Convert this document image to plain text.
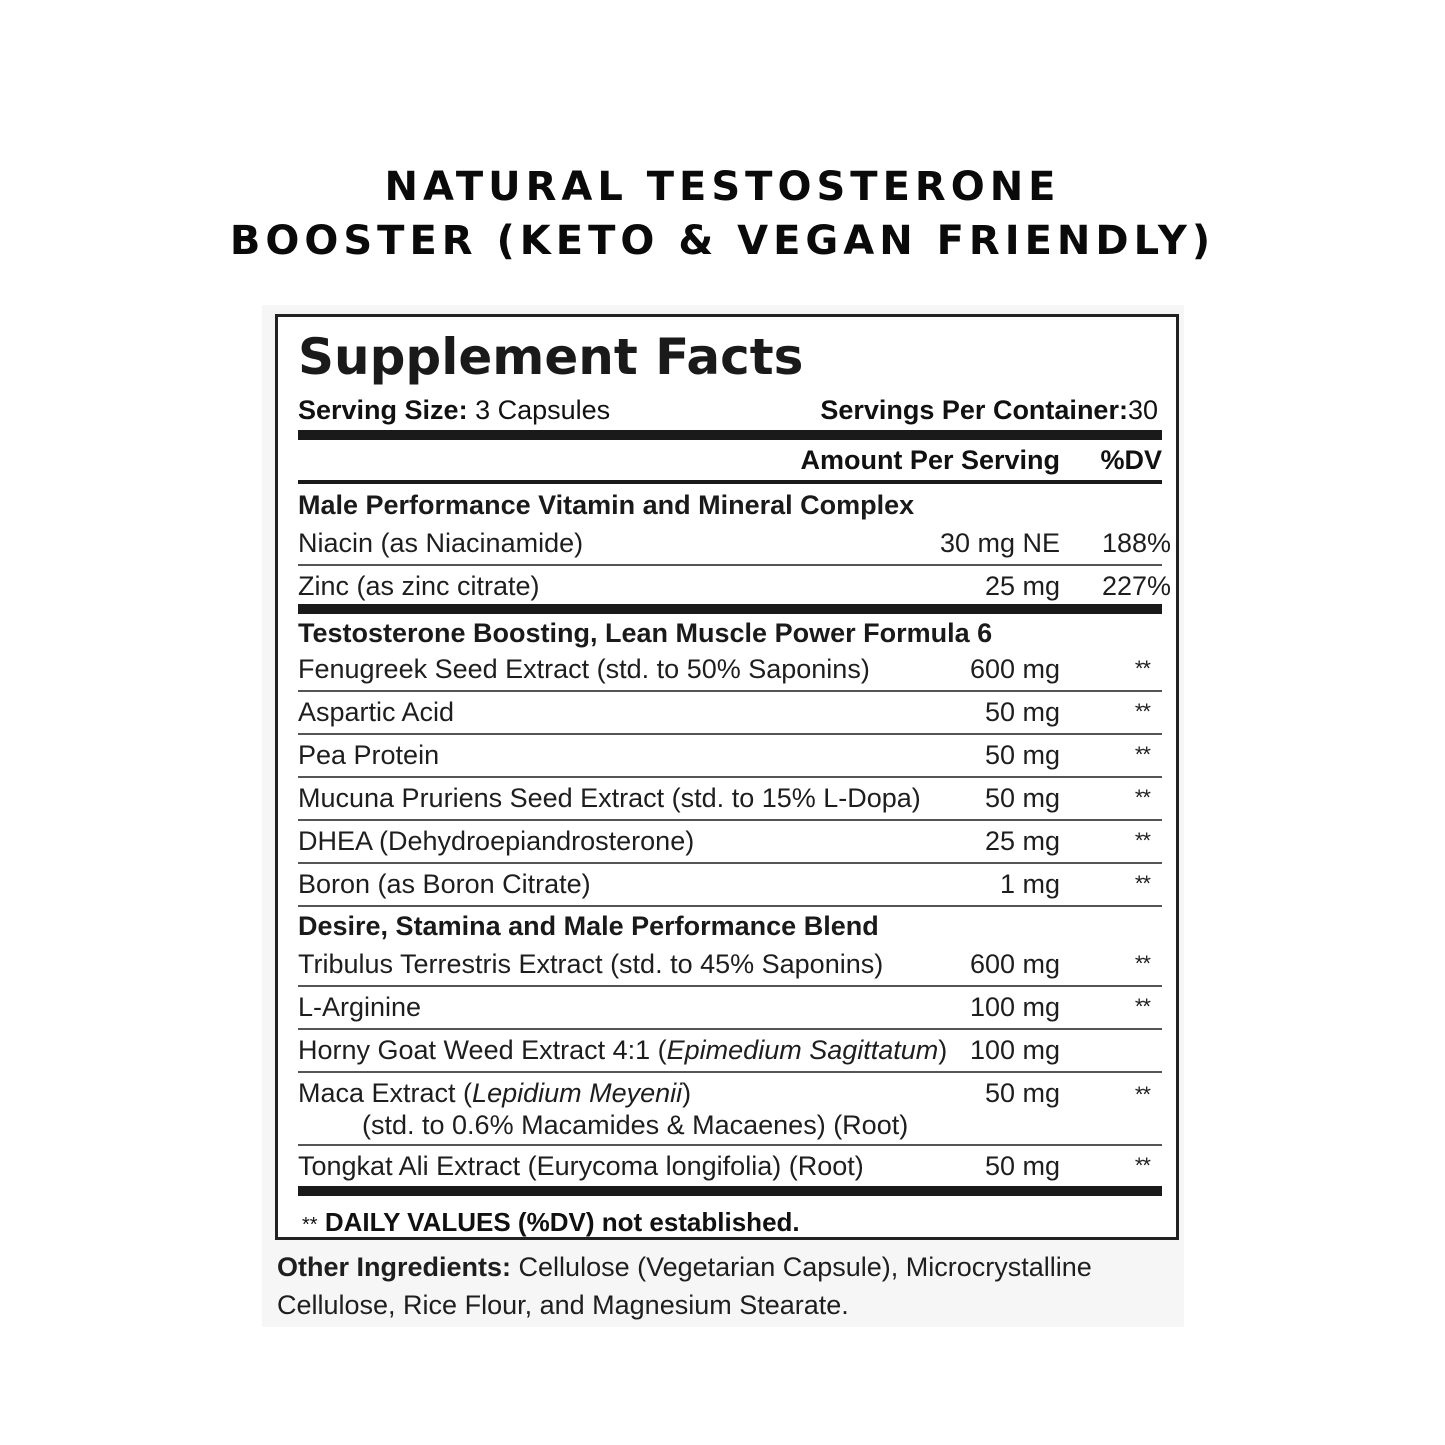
NATURAL TESTOSTERONE
BOOSTER (KETO & VEGAN FRIENDLY)
Supplement Facts
Serving Size: 3 Capsules	Servings Per Container:30
Amount Per Serving %DV
Male Performance Vitamin and Mineral Complex
Niacin (as Niacinamide)	30 mg NE 188%
Zinc (as zinc citrate)	25 mg 227%
Testosterone Boosting, Lean Muscle Power Formula 6
Fenugreek Seed Extract (std. to 50% Saponins)	600 mg	**
Aspartic Acid	50 mg	**
Pea Protein	50 mg	**
Mucuna Pruriens Seed Extract (std. to 15% L-Dopa) 50 mg	**
DHEA (Dehydroepiandrosterone)	25 mg	**
Boron (as Boron Citrate)	1 mg	**
Desire, Stamina and Male Performance Blend
Tribulus Terrestris Extract (std. to 45% Saponins)	600 mg	**
L-Arginine	100 mg	**
Horny Goat Weed Extract 4:1 (Epimedium Sagittatum) 100 mg
Maca Extract (Lepidium Meyenii)	50 mg	**
(std. to 0.6% Macamides & Macaenes) (Root)
Tongkat Ali Extract (Eurycoma longifolia) (Root)	50 mg	**
** DAILY VALUES (%DV) not established.
Other Ingredients: Cellulose (Vegetarian Capsule), Microcrystalline Cellulose, Rice Flour, and Magnesium Stearate.
